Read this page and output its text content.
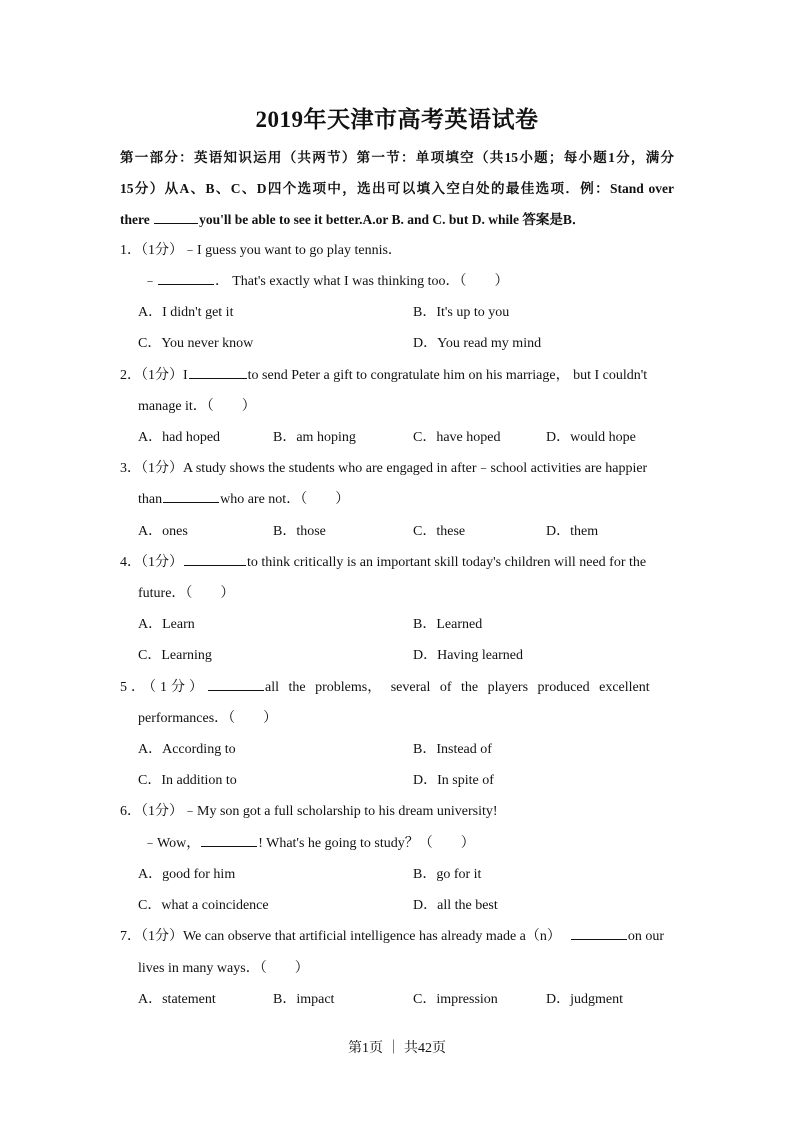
2019年天津市高考英语试卷
第一部分：英语知识运用（共两节）第一节：单项填空（共15小题；每小题1分，满分
15分）从A、B、C、D四个选项中，选出可以填入空白处的最佳选项．例：Stand over
there	you'll be able to see it better.A.or B. and C. but D. while 答案是B．
1．（1分）﹣I guess you want to go play tennis．
﹣	． That's exactly what I was thinking too．（　　）
A．I didn't get it	B．It's up to you
C．You never know	D．You read my mind
2．（1分）I	to send Peter a gift to congratulate him on his marriage， but I couldn't
manage it．（　　）
A．had hoped	B．am hoping	C．have hoped	D．would hope
3．（1分）A study shows the students who are engaged in after﹣school activities are happier
than	who are not．（　　）
A．ones	B．those	C．these	D．them
4．（1分）	to think critically is an important skill today's children will need for the
future．（　　）
A．Learn	B．Learned
C．Learning	D．Having learned
5．（1分）	all the problems， several of the players produced excellent
performances．（　　）
A．According to	B．Instead of
C．In addition to	D．In spite of
6．（1分）﹣My son got a full scholarship to his dream university!
﹣Wow，	! What's he going to study？（　　）
A．good for him	B．go for it
C．what a coincidence	D．all the best
7．（1分）We can observe that artificial intelligence has already made a（n）	on our
lives in many ways．（　　）
A．statement	B．impact	C．impression	D．judgment
第1页 ｜ 共42页
